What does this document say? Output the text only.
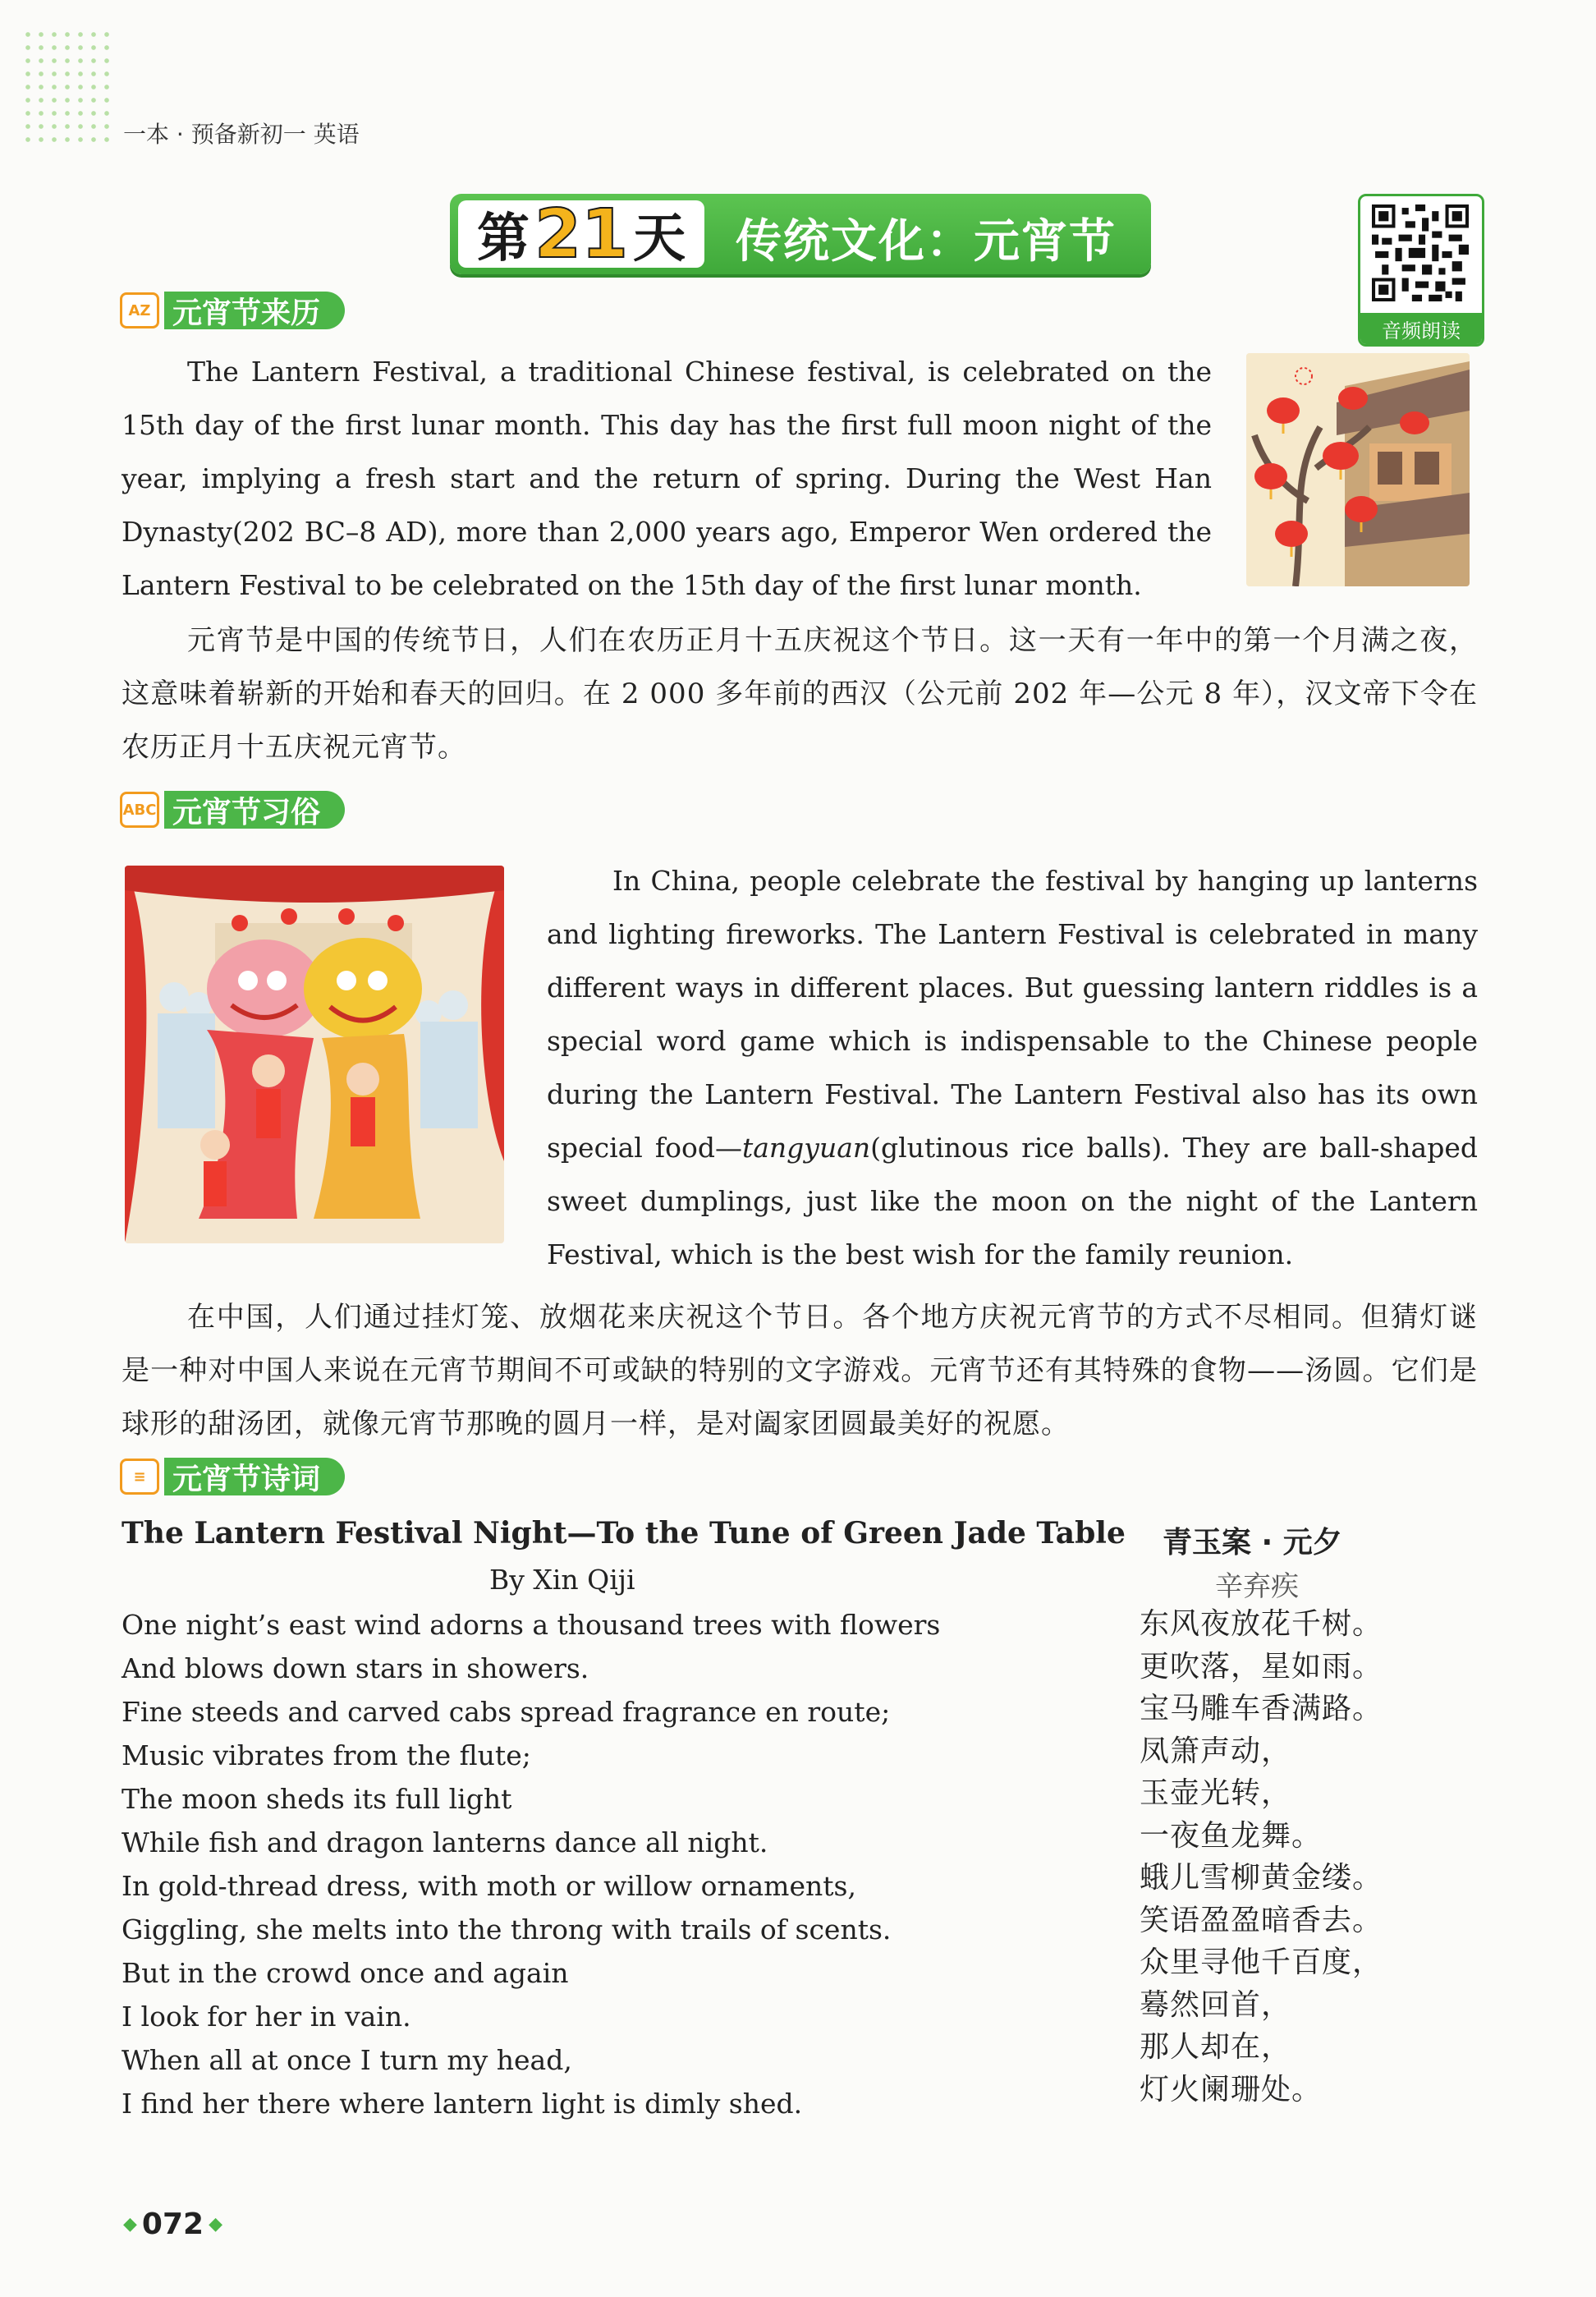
一本 · 预备新初一 英语
第 21 天 传统文化：元宵节
音频朗读
AZ 元宵节来历

The Lantern Festival, a traditional Chinese festival, is celebrated on the 15th day of the first lunar month. This day has the first full moon night of the year, implying a fresh start and the return of spring. During the West Han Dynasty(202 BC–8 AD), more than 2,000 years ago, Emperor Wen ordered the Lantern Festival to be celebrated on the 15th day of the first lunar month.

元宵节是中国的传统节日，人们在农历正月十五庆祝这个节日。这一天有一年中的第一个月满之夜，这意味着崭新的开始和春天的回归。在 2 000 多年前的西汉（公元前 202 年—公元 8 年），汉文帝下令在农历正月十五庆祝元宵节。

ABC 元宵节习俗

In China, people celebrate the festival by hanging up lanterns and lighting fireworks. The Lantern Festival is celebrated in many different ways in different places. But guessing lantern riddles is a special word game which is indispensable to the Chinese people during the Lantern Festival. The Lantern Festival also has its own special food—tangyuan(glutinous rice balls). They are ball-shaped sweet dumplings, just like the moon on the night of the Lantern Festival, which is the best wish for the family reunion.

在中国，人们通过挂灯笼、放烟花来庆祝这个节日。各个地方庆祝元宵节的方式不尽相同。但猜灯谜是一种对中国人来说在元宵节期间不可或缺的特别的文字游戏。元宵节还有其特殊的食物——汤圆。它们是球形的甜汤团，就像元宵节那晚的圆月一样，是对阖家团圆最美好的祝愿。

≡ 元宵节诗词

The Lantern Festival Night—To the Tune of Green Jade Table

By Xin Qiji
One night’s east wind adorns a thousand trees with flowers
And blows down stars in showers.
Fine steeds and carved cabs spread fragrance en route;
Music vibrates from the flute;
The moon sheds its full light
While fish and dragon lanterns dance all night.
In gold-thread dress, with moth or willow ornaments,
Giggling, she melts into the throng with trails of scents.
But in the crowd once and again
I look for her in vain.
When all at once I turn my head,
I find her there where lantern light is dimly shed.
青玉案 · 元夕
辛弃疾
东风夜放花千树。
更吹落，星如雨。
宝马雕车香满路。
凤箫声动，
玉壶光转，
一夜鱼龙舞。
蛾儿雪柳黄金缕。
笑语盈盈暗香去。
众里寻他千百度，
蓦然回首，
那人却在，
灯火阑珊处。
◆ 072 ◆
